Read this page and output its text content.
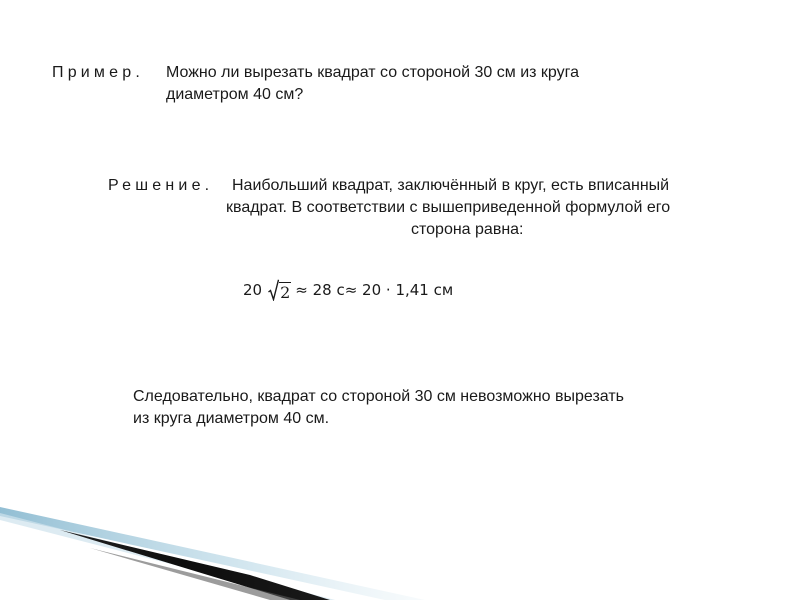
Пример. Можно ли вырезать квадрат со стороной 30 см из круга
диаметром 40 см?
Решение. Наибольший квадрат, заключённый в круг, есть вписанный
квадрат. В соответствии с вышеприведенной формулой его
сторона равна:
20 2 ≈ 28 с≈ 20 · 1,41 см
Следовательно, квадрат со стороной 30 см невозможно вырезать
из круга диаметром 40 см.
